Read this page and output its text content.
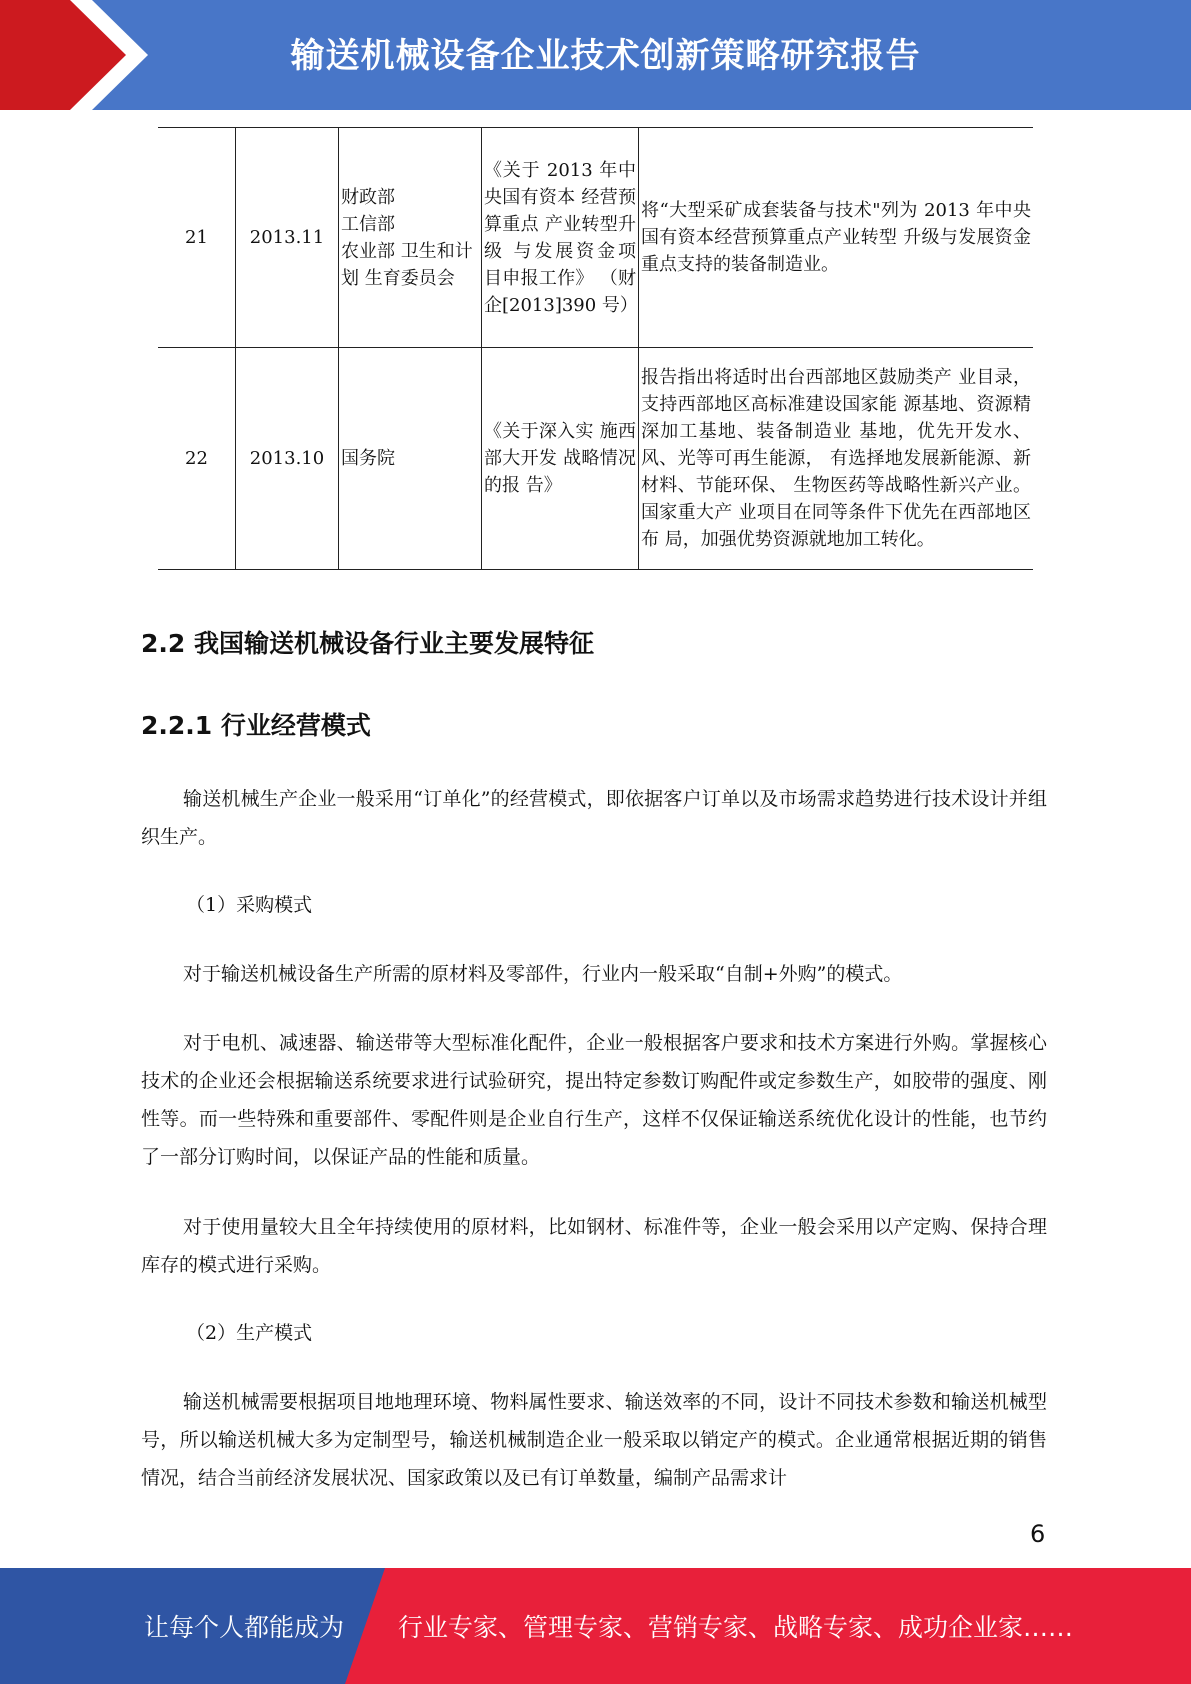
输送机械设备企业技术创新策略研究报告
21	2013.11	财政部
工信部
农业部 卫生和计划 生育委员会	《关于 2013 年中央国有资本 经营预算重点 产业转型升级 与发展资金项 目申报工作》 （财企[2013]390 号）	将“大型采矿成套装备与技术"列为 2013 年中央国有资本经营预算重点产业转型 升级与发展资金重点支持的装备制造业。
22	2013.10	国务院	《关于深入实 施西部大开发 战略情况的报 告》	报告指出将适时出台西部地区鼓励类产 业目录，支持西部地区高标准建设国家能 源基地、资源精深加工基地、装备制造业 基地，优先开发水、风、光等可再生能源， 有选择地发展新能源、新材料、节能环保、 生物医药等战略性新兴产业。国家重大产 业项目在同等条件下优先在西部地区布 局，加强优势资源就地加工转化。
2.2 我国输送机械设备行业主要发展特征
2.2.1 行业经营模式

输送机械生产企业一般采用“订单化”的经营模式，即依据客户订单以及市场需求趋势进行技术设计并组织生产。

（1）采购模式

对于输送机械设备生产所需的原材料及零部件，行业内一般采取“自制+外购”的模式。

对于电机、减速器、输送带等大型标准化配件，企业一般根据客户要求和技术方案进行外购。掌握核心技术的企业还会根据输送系统要求进行试验研究，提出特定参数订购配件或定参数生产，如胶带的强度、刚性等。而一些特殊和重要部件、零配件则是企业自行生产，这样不仅保证输送系统优化设计的性能，也节约了一部分订购时间，以保证产品的性能和质量。

对于使用量较大且全年持续使用的原材料，比如钢材、标准件等，企业一般会采用以产定购、保持合理库存的模式进行采购。

（2）生产模式

输送机械需要根据项目地地理环境、物料属性要求、输送效率的不同，设计不同技术参数和输送机械型号，所以输送机械大多为定制型号，输送机械制造企业一般采取以销定产的模式。企业通常根据近期的销售情况，结合当前经济发展状况、国家政策以及已有订单数量，编制产品需求计

6
让每个人都能成为 行业专家、管理专家、营销专家、战略专家、成功企业家……
